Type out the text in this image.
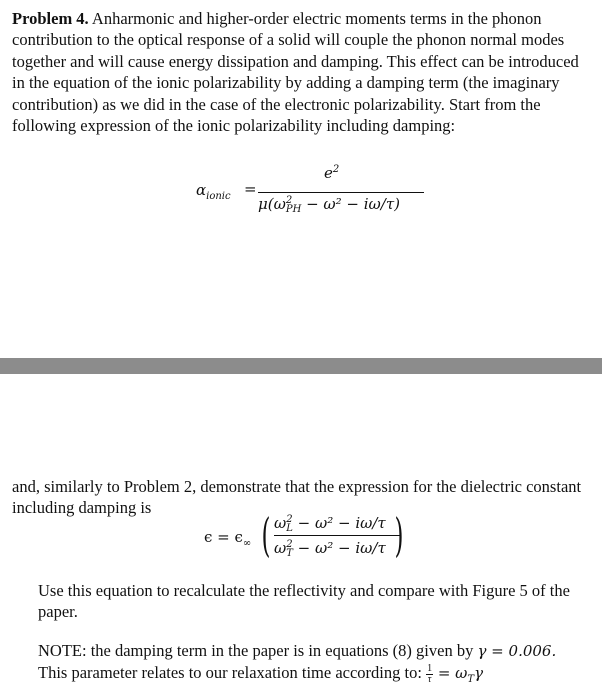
Problem 4. Anharmonic and higher-order electric moments terms in the phonon contribution to the optical response of a solid will couple the phonon normal modes together and will cause energy dissipation and damping. This effect can be introduced in the equation of the ionic polarizability by adding a damping term (the imaginary contribution) as we did in the case of the electronic polarizability. Start from the following expression of the ionic polarizability including damping:

$\alpha_{ionic}$ =
$e^2$
μ(ω 2
PH − ω² − iω/τ)

and, similarly to Problem 2, demonstrate that the expression for the dielectric constant including damping is

$\epsilon = \epsilon_\infty$ ( ω 2
L − ω² − iω/τ
ω 2
T − ω² − iω/τ )

Use this equation to recalculate the reflectivity and compare with Figure 5 of the paper.

NOTE: the damping term in the paper is in equations (8) given by γ = 0.006.
This parameter relates to our relaxation time according to: $\frac{1}{\tau} = \omega_T\gamma$
